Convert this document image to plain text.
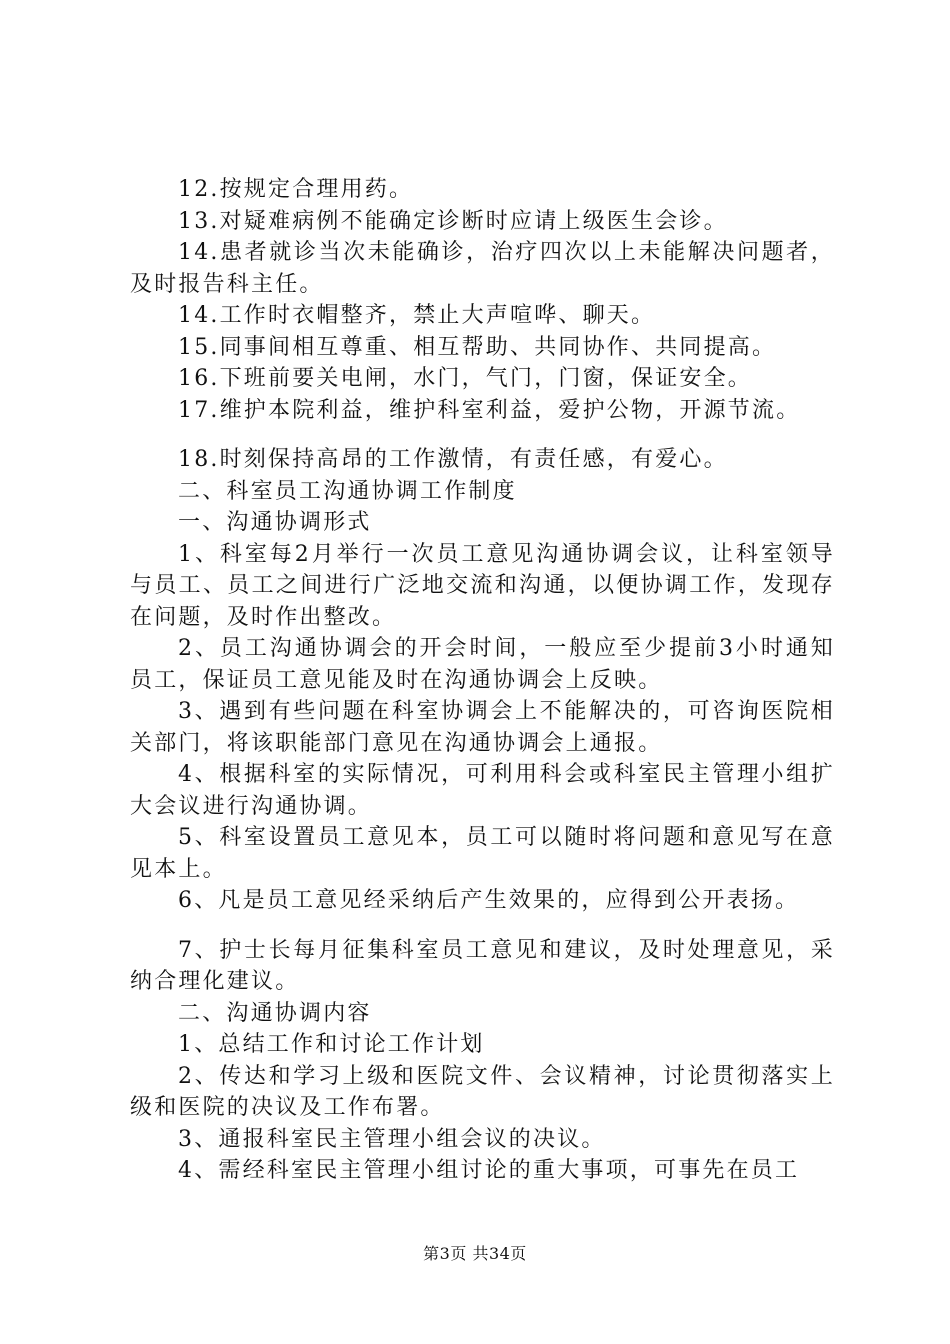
12.按规定合理用药。

13.对疑难病例不能确定诊断时应请上级医生会诊。

14.患者就诊当次未能确诊，治疗四次以上未能解决问题者，及时报告科主任。

14.工作时衣帽整齐，禁止大声喧哗、聊天。

15.同事间相互尊重、相互帮助、共同协作、共同提高。

16.下班前要关电闸，水门，气门，门窗，保证安全。

17.维护本院利益，维护科室利益，爱护公物，开源节流。

18.时刻保持高昂的工作激情，有责任感，有爱心。

二、科室员工沟通协调工作制度

一、沟通协调形式

1、科室每2月举行一次员工意见沟通协调会议，让科室领导与员工、员工之间进行广泛地交流和沟通，以便协调工作，发现存在问题，及时作出整改。

2、员工沟通协调会的开会时间，一般应至少提前3小时通知员工，保证员工意见能及时在沟通协调会上反映。

3、遇到有些问题在科室协调会上不能解决的，可咨询医院相关部门，将该职能部门意见在沟通协调会上通报。

4、根据科室的实际情况，可利用科会或科室民主管理小组扩大会议进行沟通协调。

5、科室设置员工意见本，员工可以随时将问题和意见写在意见本上。

6、凡是员工意见经采纳后产生效果的，应得到公开表扬。

7、护士长每月征集科室员工意见和建议，及时处理意见，采纳合理化建议。

二、沟通协调内容

1、总结工作和讨论工作计划

2、传达和学习上级和医院文件、会议精神，讨论贯彻落实上级和医院的决议及工作布署。

3、通报科室民主管理小组会议的决议。

4、需经科室民主管理小组讨论的重大事项，可事先在员工

第3页 共34页
